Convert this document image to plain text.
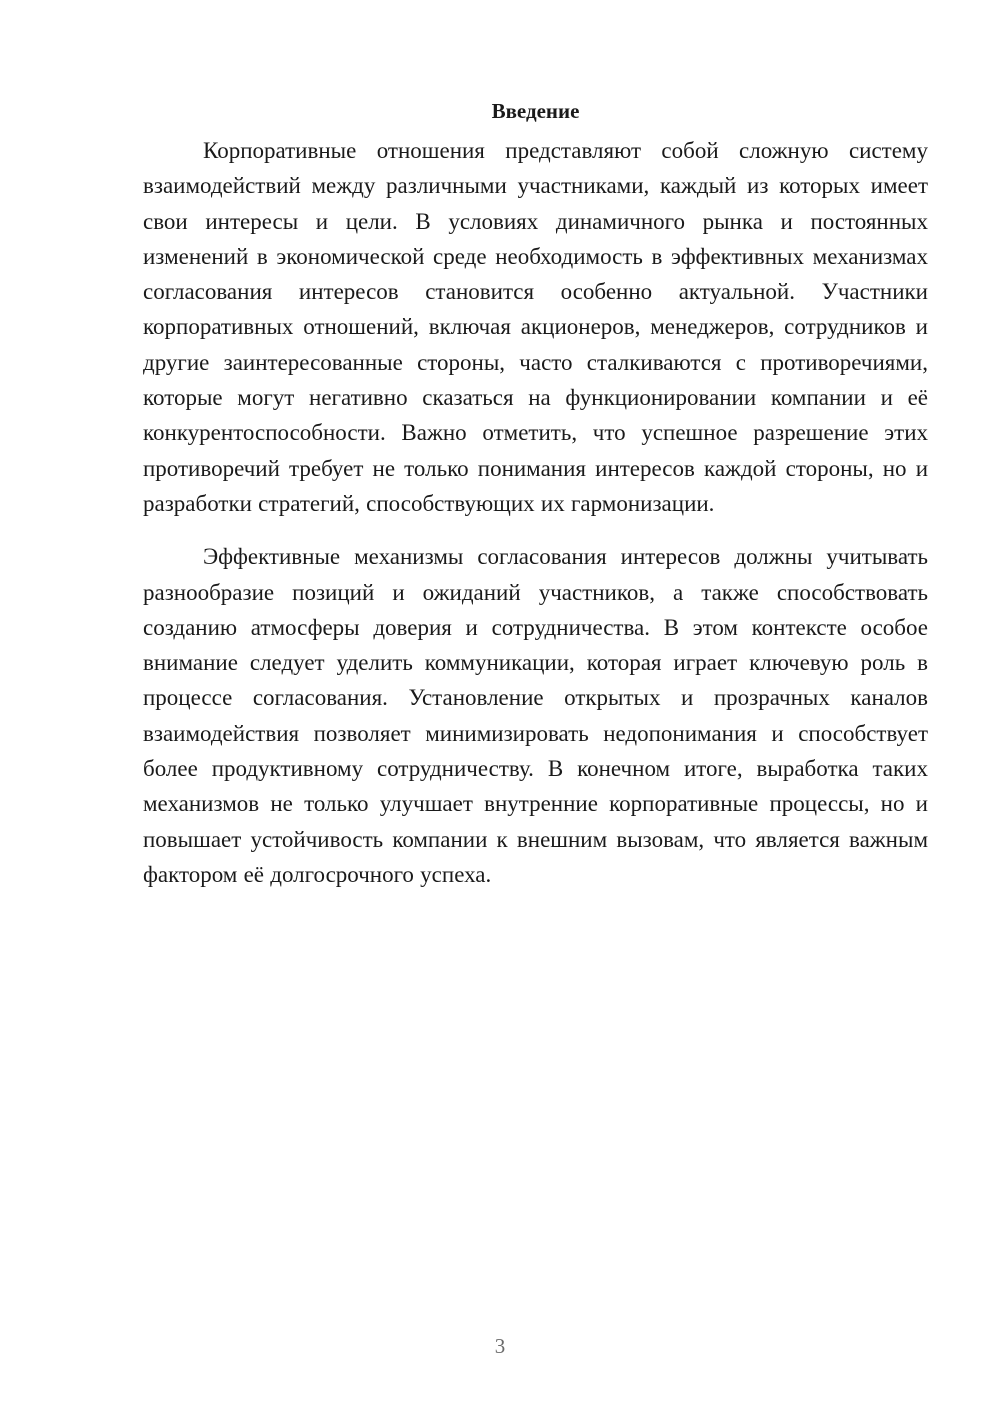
Введение

Корпоративные отношения представляют собой сложную систему взаимодействий между различными участниками, каждый из которых имеет свои интересы и цели. В условиях динамичного рынка и постоянных изменений в экономической среде необходимость в эффективных механизмах согласования интересов становится особенно актуальной. Участники корпоративных отношений, включая акционеров, менеджеров, сотрудников и другие заинтересованные стороны, часто сталкиваются с противоречиями, которые могут негативно сказаться на функционировании компании и её конкурентоспособности. Важно отметить, что успешное разрешение этих противоречий требует не только понимания интересов каждой стороны, но и разработки стратегий, способствующих их гармонизации.

Эффективные механизмы согласования интересов должны учитывать разнообразие позиций и ожиданий участников, а также способствовать созданию атмосферы доверия и сотрудничества. В этом контексте особое внимание следует уделить коммуникации, которая играет ключевую роль в процессе согласования. Установление открытых и прозрачных каналов взаимодействия позволяет минимизировать недопонимания и способствует более продуктивному сотрудничеству. В конечном итоге, выработка таких механизмов не только улучшает внутренние корпоративные процессы, но и повышает устойчивость компании к внешним вызовам, что является важным фактором её долгосрочного успеха.

3
